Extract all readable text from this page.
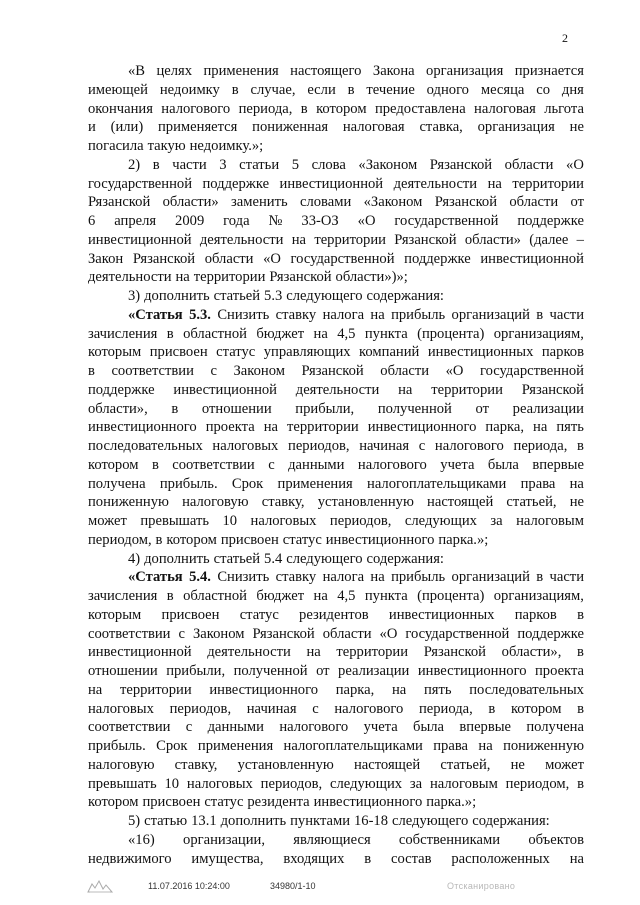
2
«В целях применения настоящего Закона организация признается
имеющей недоимку в случае, если в течение одного месяца со дня
окончания налогового периода, в котором предоставлена налоговая льгота
и (или) применяется пониженная налоговая ставка, организация не
погасила такую недоимку.»;
2) в части 3 статьи 5 слова «Законом Рязанской области «О
государственной поддержке инвестиционной деятельности на территории
Рязанской области» заменить словами «Законом Рязанской области от
6 апреля 2009 года № 33-ОЗ «О государственной поддержке
инвестиционной деятельности на территории Рязанской области» (далее –
Закон Рязанской области «О государственной поддержке инвестиционной
деятельности на территории Рязанской области»)»;
3) дополнить статьей 5.3 следующего содержания:
«Статья 5.3. Снизить ставку налога на прибыль организаций в части
зачисления в областной бюджет на 4,5 пункта (процента) организациям,
которым присвоен статус управляющих компаний инвестиционных парков
в соответствии с Законом Рязанской области «О государственной
поддержке инвестиционной деятельности на территории Рязанской
области», в отношении прибыли, полученной от реализации
инвестиционного проекта на территории инвестиционного парка, на пять
последовательных налоговых периодов, начиная с налогового периода, в
котором в соответствии с данными налогового учета была впервые
получена прибыль. Срок применения налогоплательщиками права на
пониженную налоговую ставку, установленную настоящей статьей, не
может превышать 10 налоговых периодов, следующих за налоговым
периодом, в котором присвоен статус инвестиционного парка.»;
4) дополнить статьей 5.4 следующего содержания:
«Статья 5.4. Снизить ставку налога на прибыль организаций в части
зачисления в областной бюджет на 4,5 пункта (процента) организациям,
которым присвоен статус резидентов инвестиционных парков в
соответствии с Законом Рязанской области «О государственной поддержке
инвестиционной деятельности на территории Рязанской области», в
отношении прибыли, полученной от реализации инвестиционного проекта
на территории инвестиционного парка, на пять последовательных
налоговых периодов, начиная с налогового периода, в котором в
соответствии с данными налогового учета была впервые получена
прибыль. Срок применения налогоплательщиками права на пониженную
налоговую ставку, установленную настоящей статьей, не может
превышать 10 налоговых периодов, следующих за налоговым периодом, в
котором присвоен статус резидента инвестиционного парка.»;
5) статью 13.1 дополнить пунктами 16-18 следующего содержания:
«16) организации, являющиеся собственниками объектов
недвижимого имущества, входящих в состав расположенных на
11.07.2016 10:24:00	34980/1-10	Отсканировано
